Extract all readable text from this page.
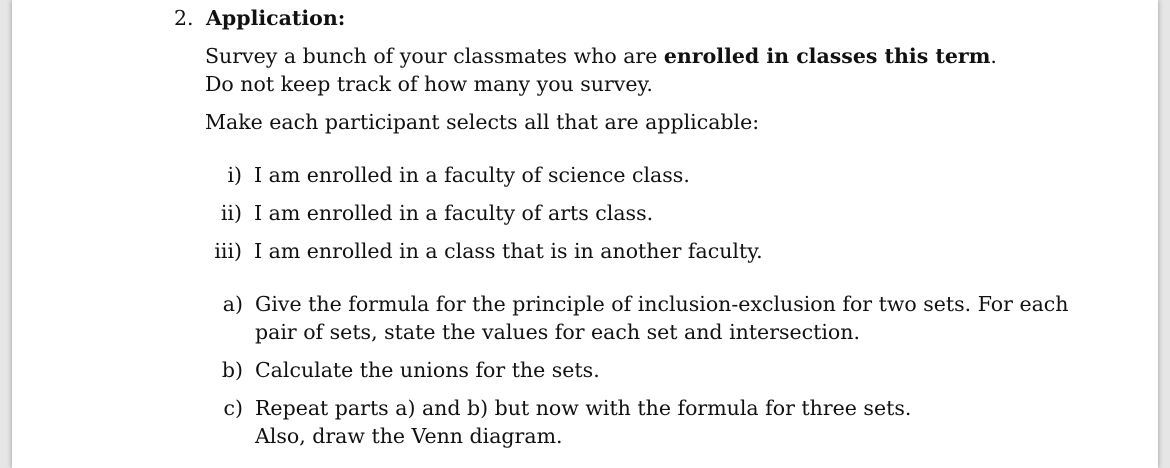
2. Application:

Survey a bunch of your classmates who are enrolled in classes this term.

Do not keep track of how many you survey.

Make each participant selects all that are applicable:

i) I am enrolled in a faculty of science class.
ii) I am enrolled in a faculty of arts class.
iii) I am enrolled in a class that is in another faculty.
a) Give the formula for the principle of inclusion-exclusion for two sets. For each
pair of sets, state the values for each set and intersection.
b) Calculate the unions for the sets.
c) Repeat parts a) and b) but now with the formula for three sets.
Also, draw the Venn diagram.
